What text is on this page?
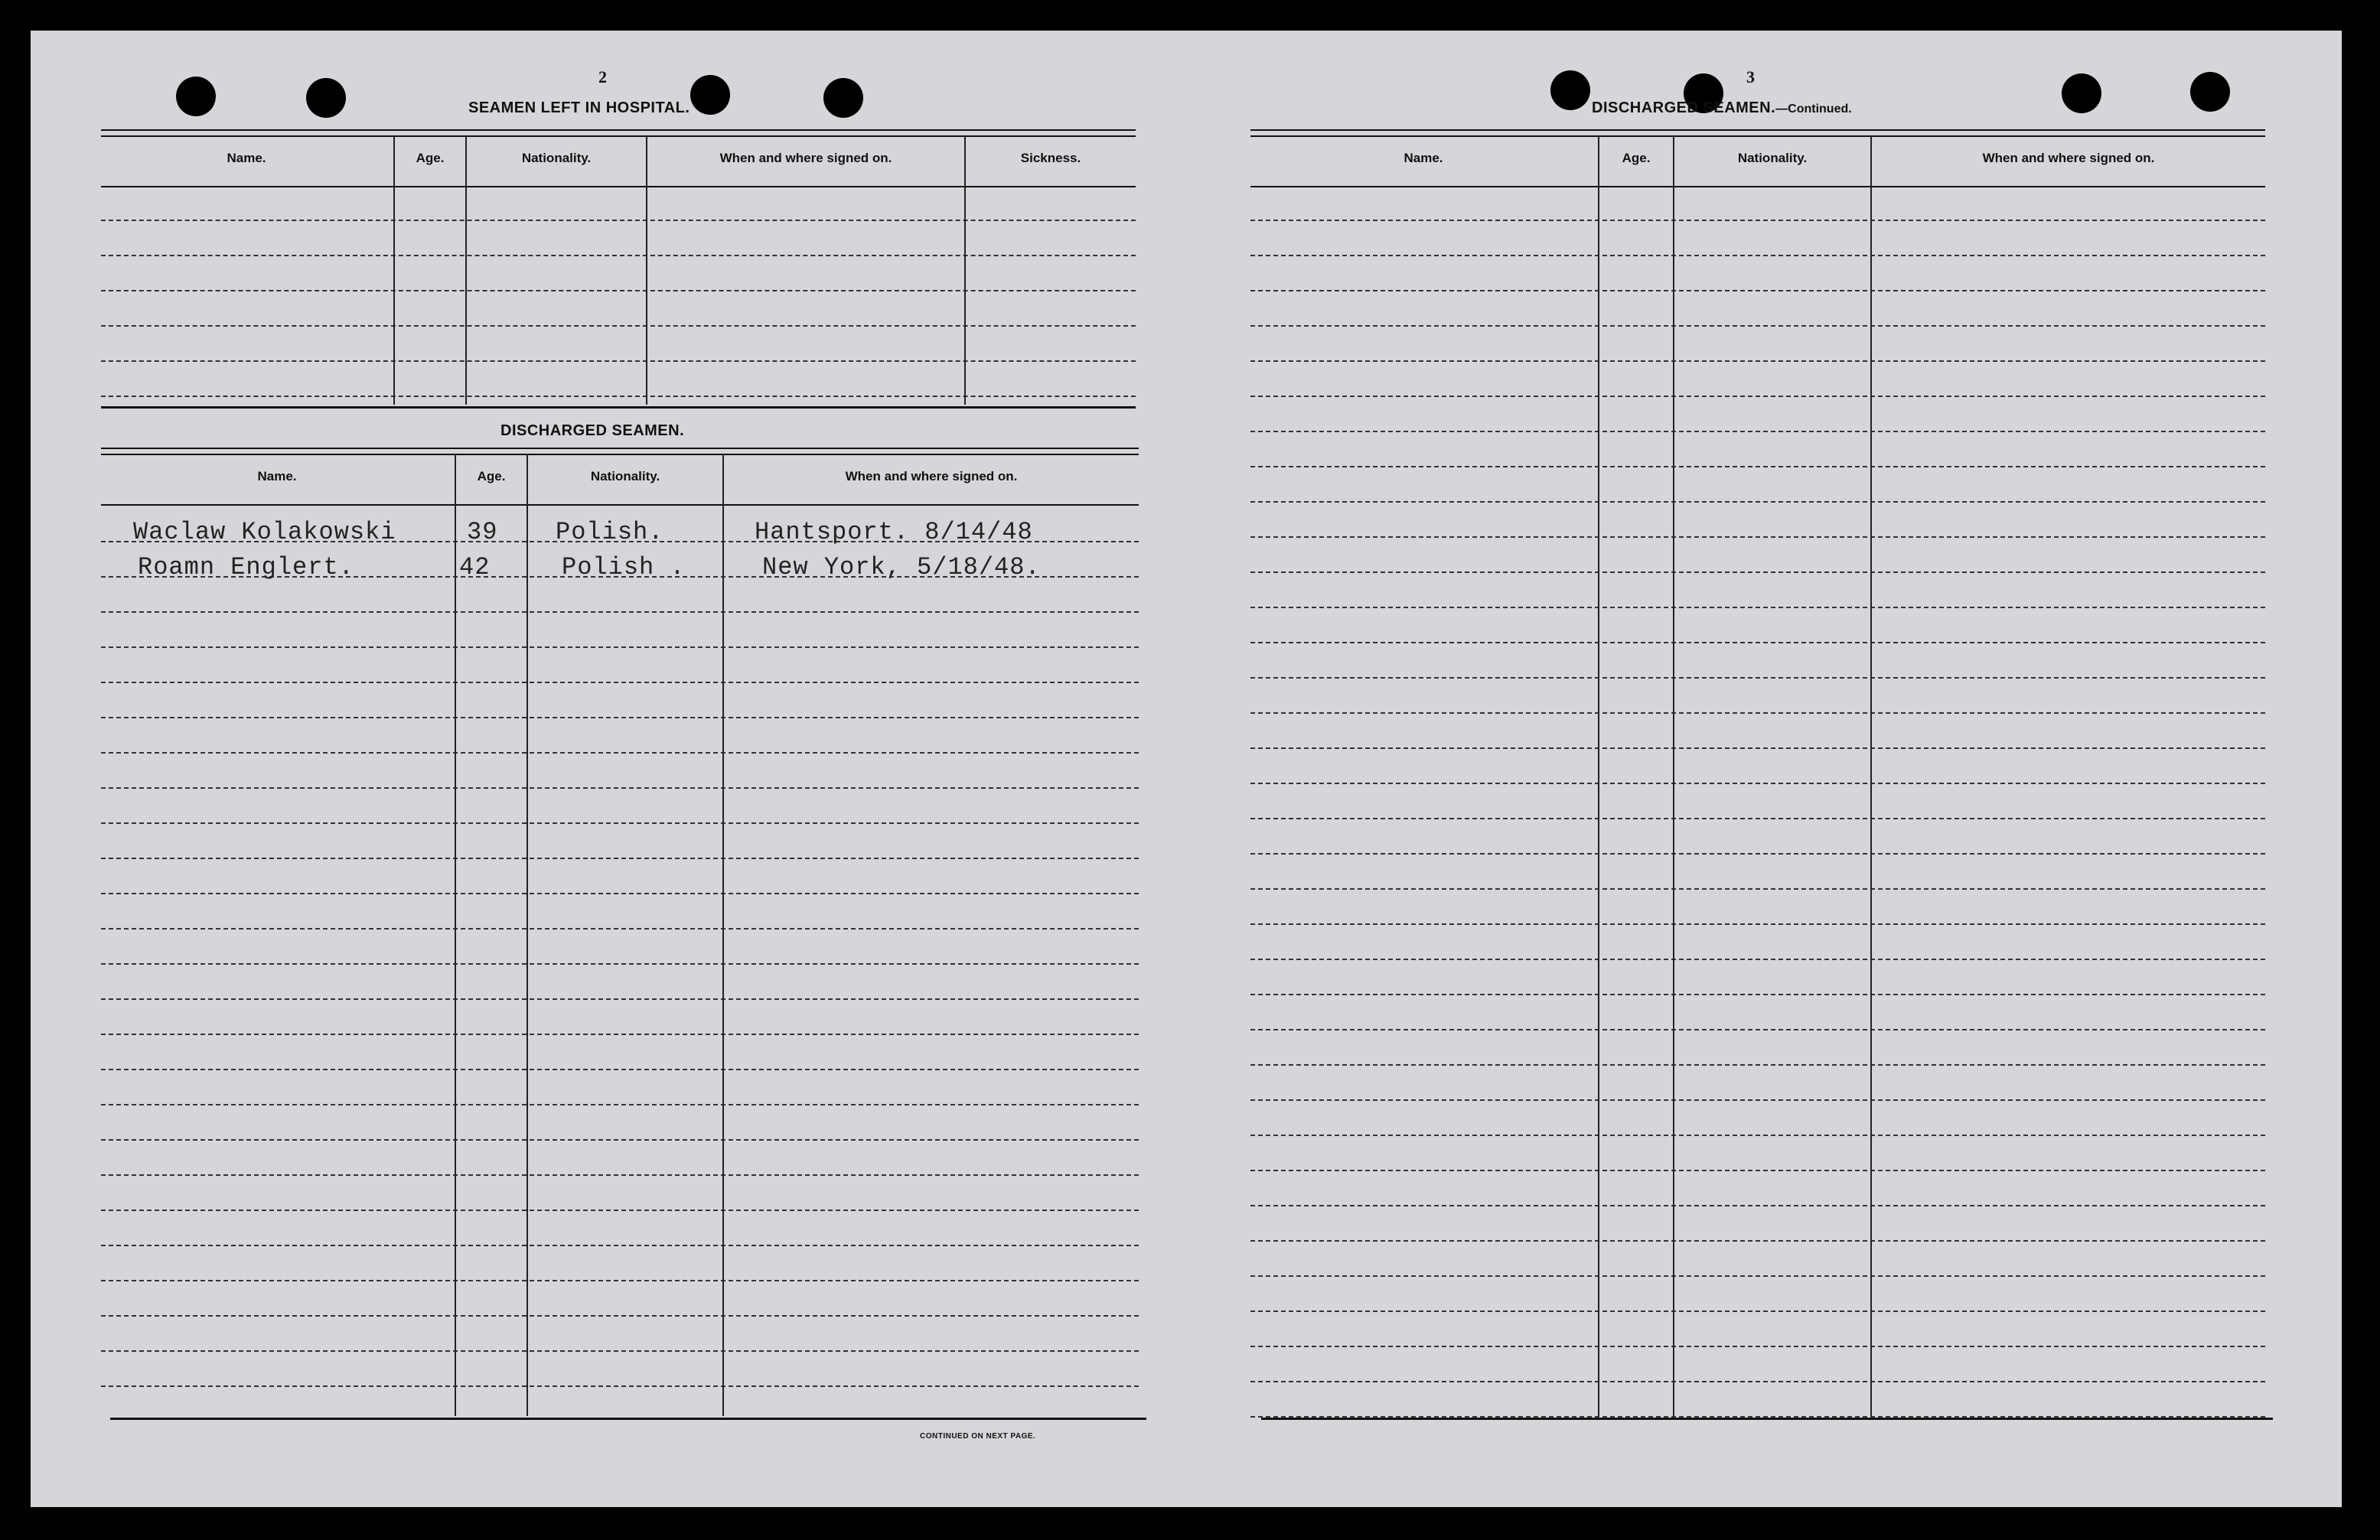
2
SEAMEN LEFT IN HOSPITAL.
Name.	Age.	Nationality.	When and where signed on.	Sickness.
DISCHARGED SEAMEN.
Name.	Age.	Nationality.	When and where signed on.
Waclaw Kolakowski	39 Polish.	Hantsport. 8/14/48
Roamn Englert.	42	Polish .	New York, 5/18/48.
CONTINUED ON NEXT PAGE.
3
DISCHARGED SEAMEN.—Continued.
Name.	Age.	Nationality.	When and where signed on.
